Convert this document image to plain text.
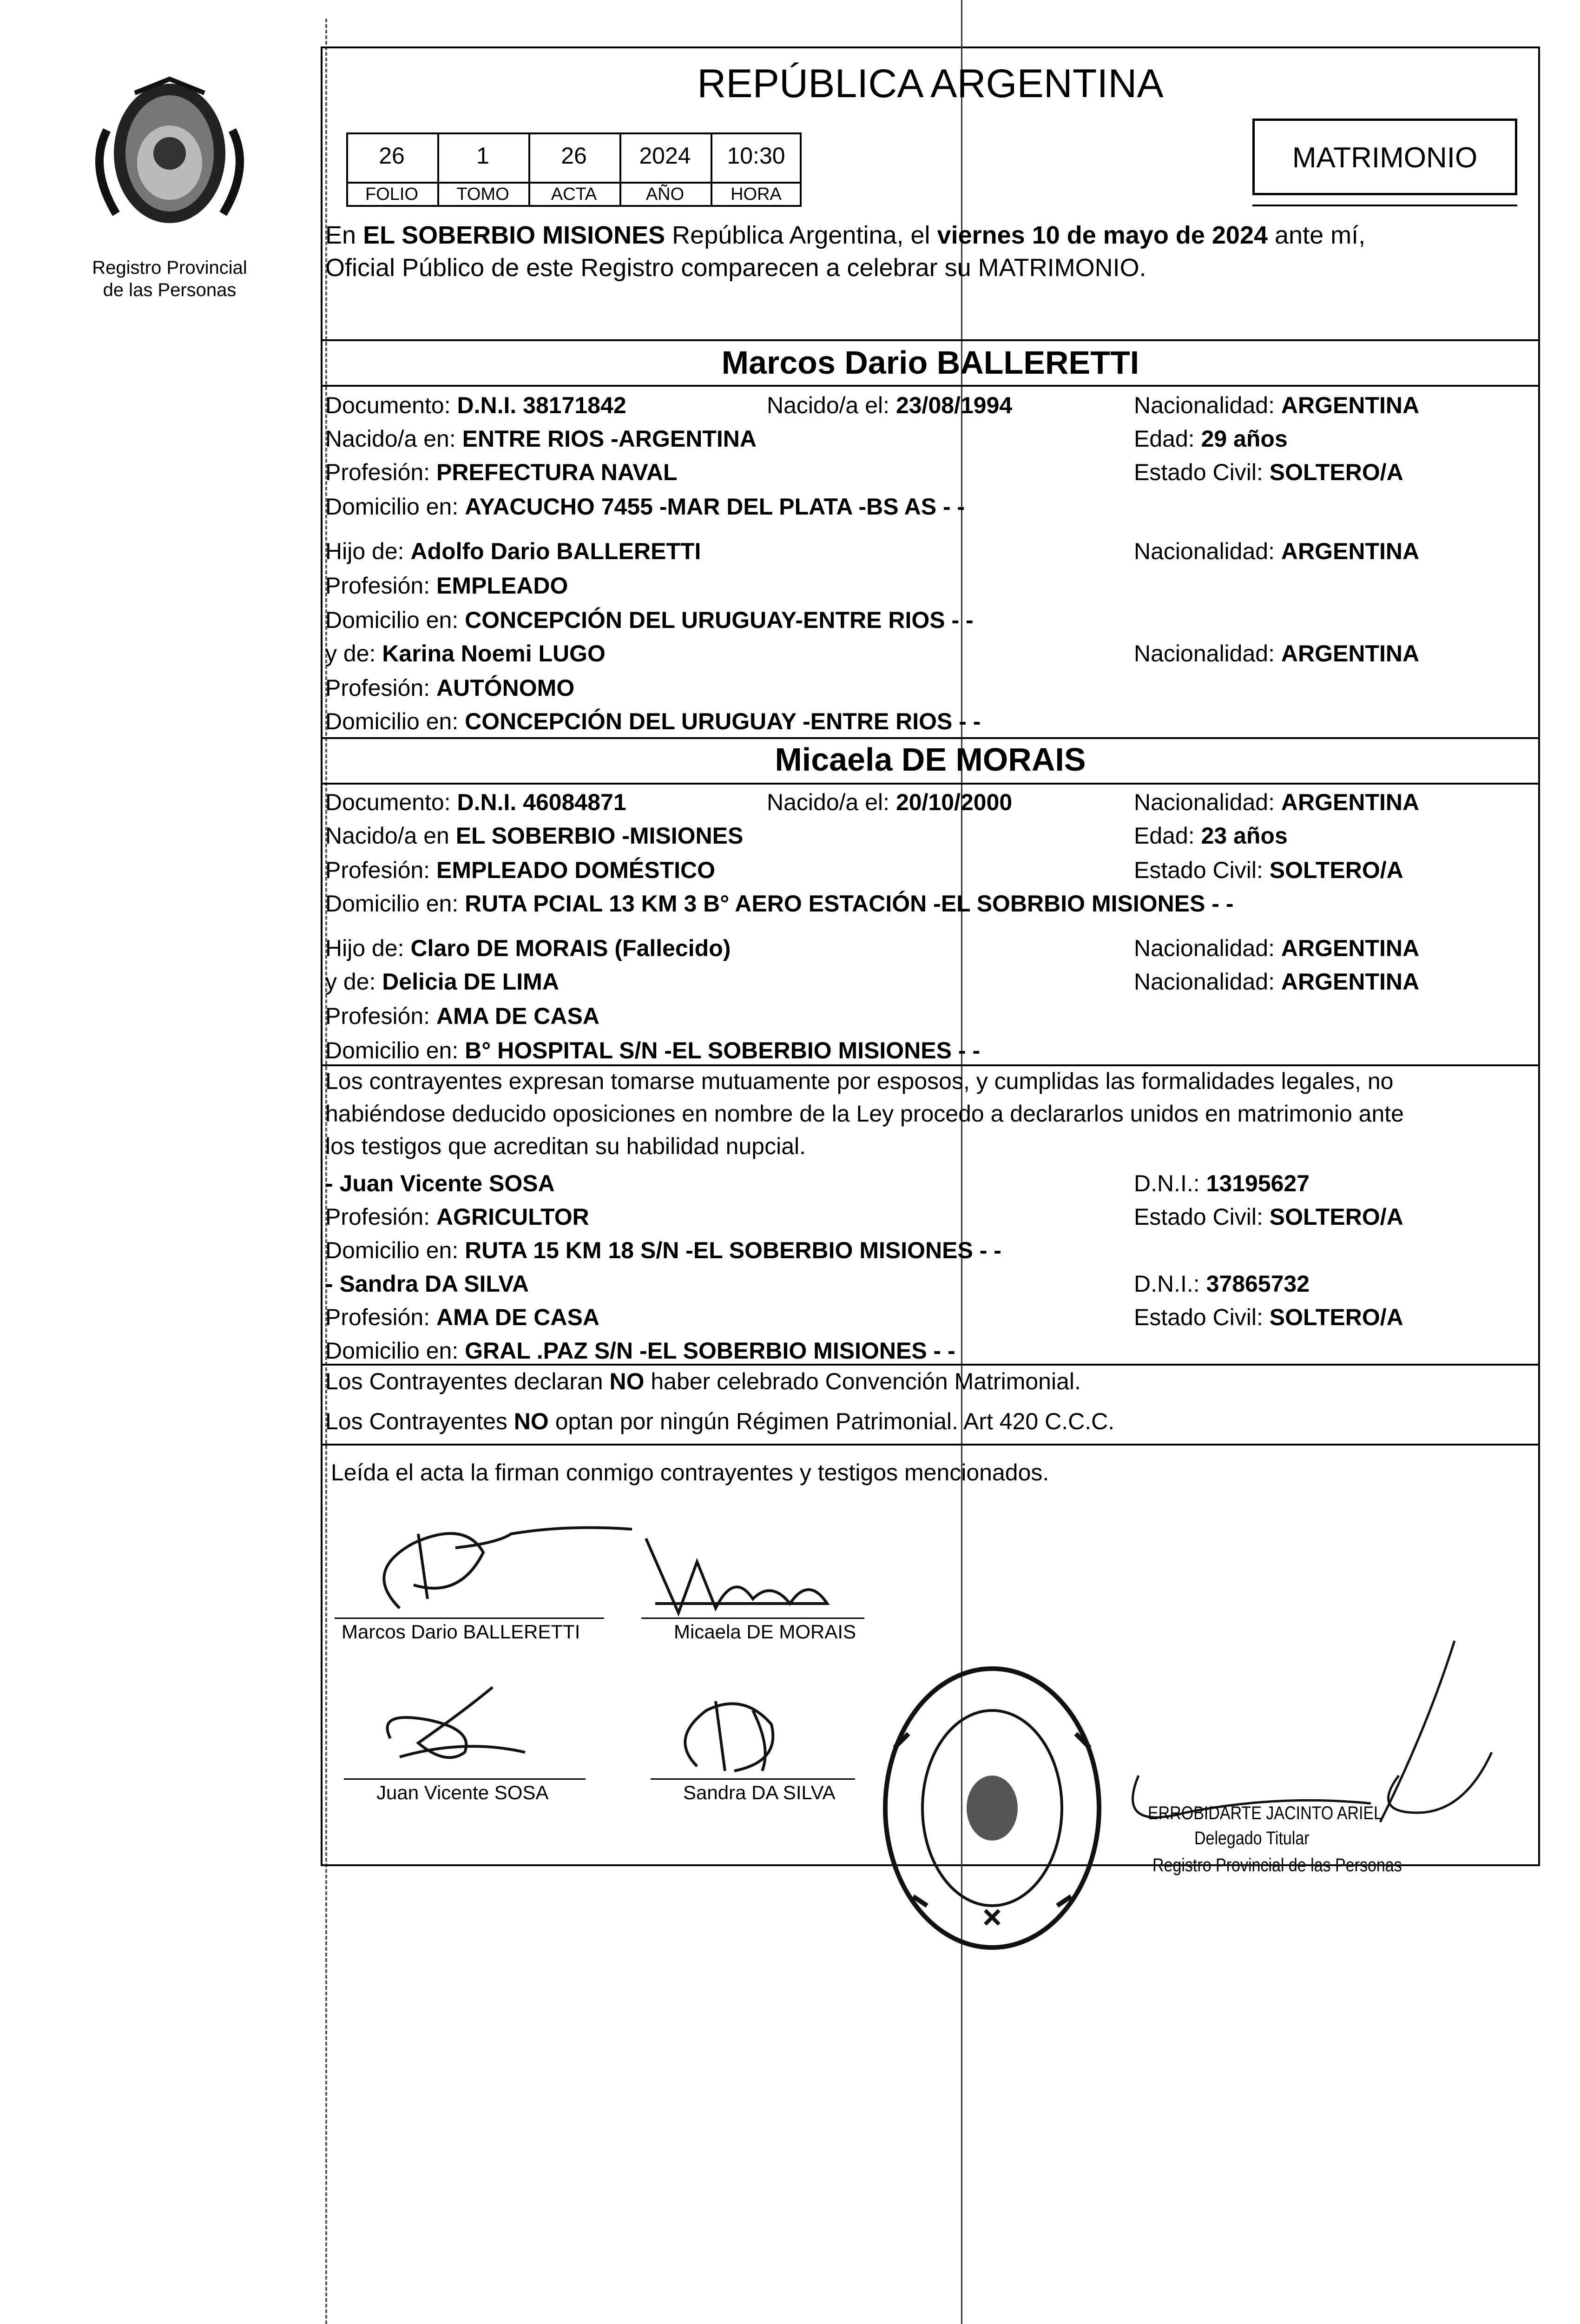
Registro Provincial
de las Personas
REPÚBLICA ARGENTINA
26	1	26	2024	10:30
FOLIO	TOMO	ACTA	AÑO	HORA
MATRIMONIO
En EL SOBERBIO MISIONES República Argentina, el viernes 10 de mayo de 2024 ante mí,
Oficial Público de este Registro comparecen a celebrar su MATRIMONIO.
Marcos Dario BALLERETTI
Documento: D.N.I. 38171842	Nacido/a el: 23/08/1994	Nacionalidad: ARGENTINA
Nacido/a en: ENTRE RIOS -ARGENTINA	Edad: 29 años
Profesión: PREFECTURA NAVAL	Estado Civil: SOLTERO/A
Domicilio en: AYACUCHO 7455 -MAR DEL PLATA -BS AS - -
Hijo de: Adolfo Dario BALLERETTI	Nacionalidad: ARGENTINA
Profesión: EMPLEADO
Domicilio en: CONCEPCIÓN DEL URUGUAY-ENTRE RIOS - -
y de: Karina Noemi LUGO	Nacionalidad: ARGENTINA
Profesión: AUTÓNOMO
Domicilio en: CONCEPCIÓN DEL URUGUAY -ENTRE RIOS - -
Micaela DE MORAIS
Documento: D.N.I. 46084871	Nacido/a el: 20/10/2000	Nacionalidad: ARGENTINA
Nacido/a en EL SOBERBIO -MISIONES	Edad: 23 años
Profesión: EMPLEADO DOMÉSTICO	Estado Civil: SOLTERO/A
Domicilio en: RUTA PCIAL 13 KM 3 B° AERO ESTACIÓN -EL SOBRBIO MISIONES - -
Hijo de: Claro DE MORAIS (Fallecido)	Nacionalidad: ARGENTINA
y de: Delicia DE LIMA	Nacionalidad: ARGENTINA
Profesión: AMA DE CASA
Domicilio en: B° HOSPITAL S/N -EL SOBERBIO MISIONES - -
Los contrayentes expresan tomarse mutuamente por esposos, y cumplidas las formalidades legales, no
habiéndose deducido oposiciones en nombre de la Ley procedo a declararlos unidos en matrimonio ante
los testigos que acreditan su habilidad nupcial.
- Juan Vicente SOSA	D.N.I.: 13195627
Profesión: AGRICULTOR	Estado Civil: SOLTERO/A
Domicilio en: RUTA 15 KM 18 S/N -EL SOBERBIO MISIONES - -
- Sandra DA SILVA	D.N.I.: 37865732
Profesión: AMA DE CASA	Estado Civil: SOLTERO/A
Domicilio en: GRAL .PAZ S/N -EL SOBERBIO MISIONES - -
Los Contrayentes declaran NO haber celebrado Convención Matrimonial.
Los Contrayentes NO optan por ningún Régimen Patrimonial. Art 420 C.C.C.
Leída el acta la firman conmigo contrayentes y testigos mencionados.
Marcos Dario BALLERETTI	Micaela DE MORAIS
Juan Vicente SOSA	Sandra DA SILVA
ERROBIDARTE JACINTO ARIEL
Delegado Titular
Registro Provincial de las Personas
